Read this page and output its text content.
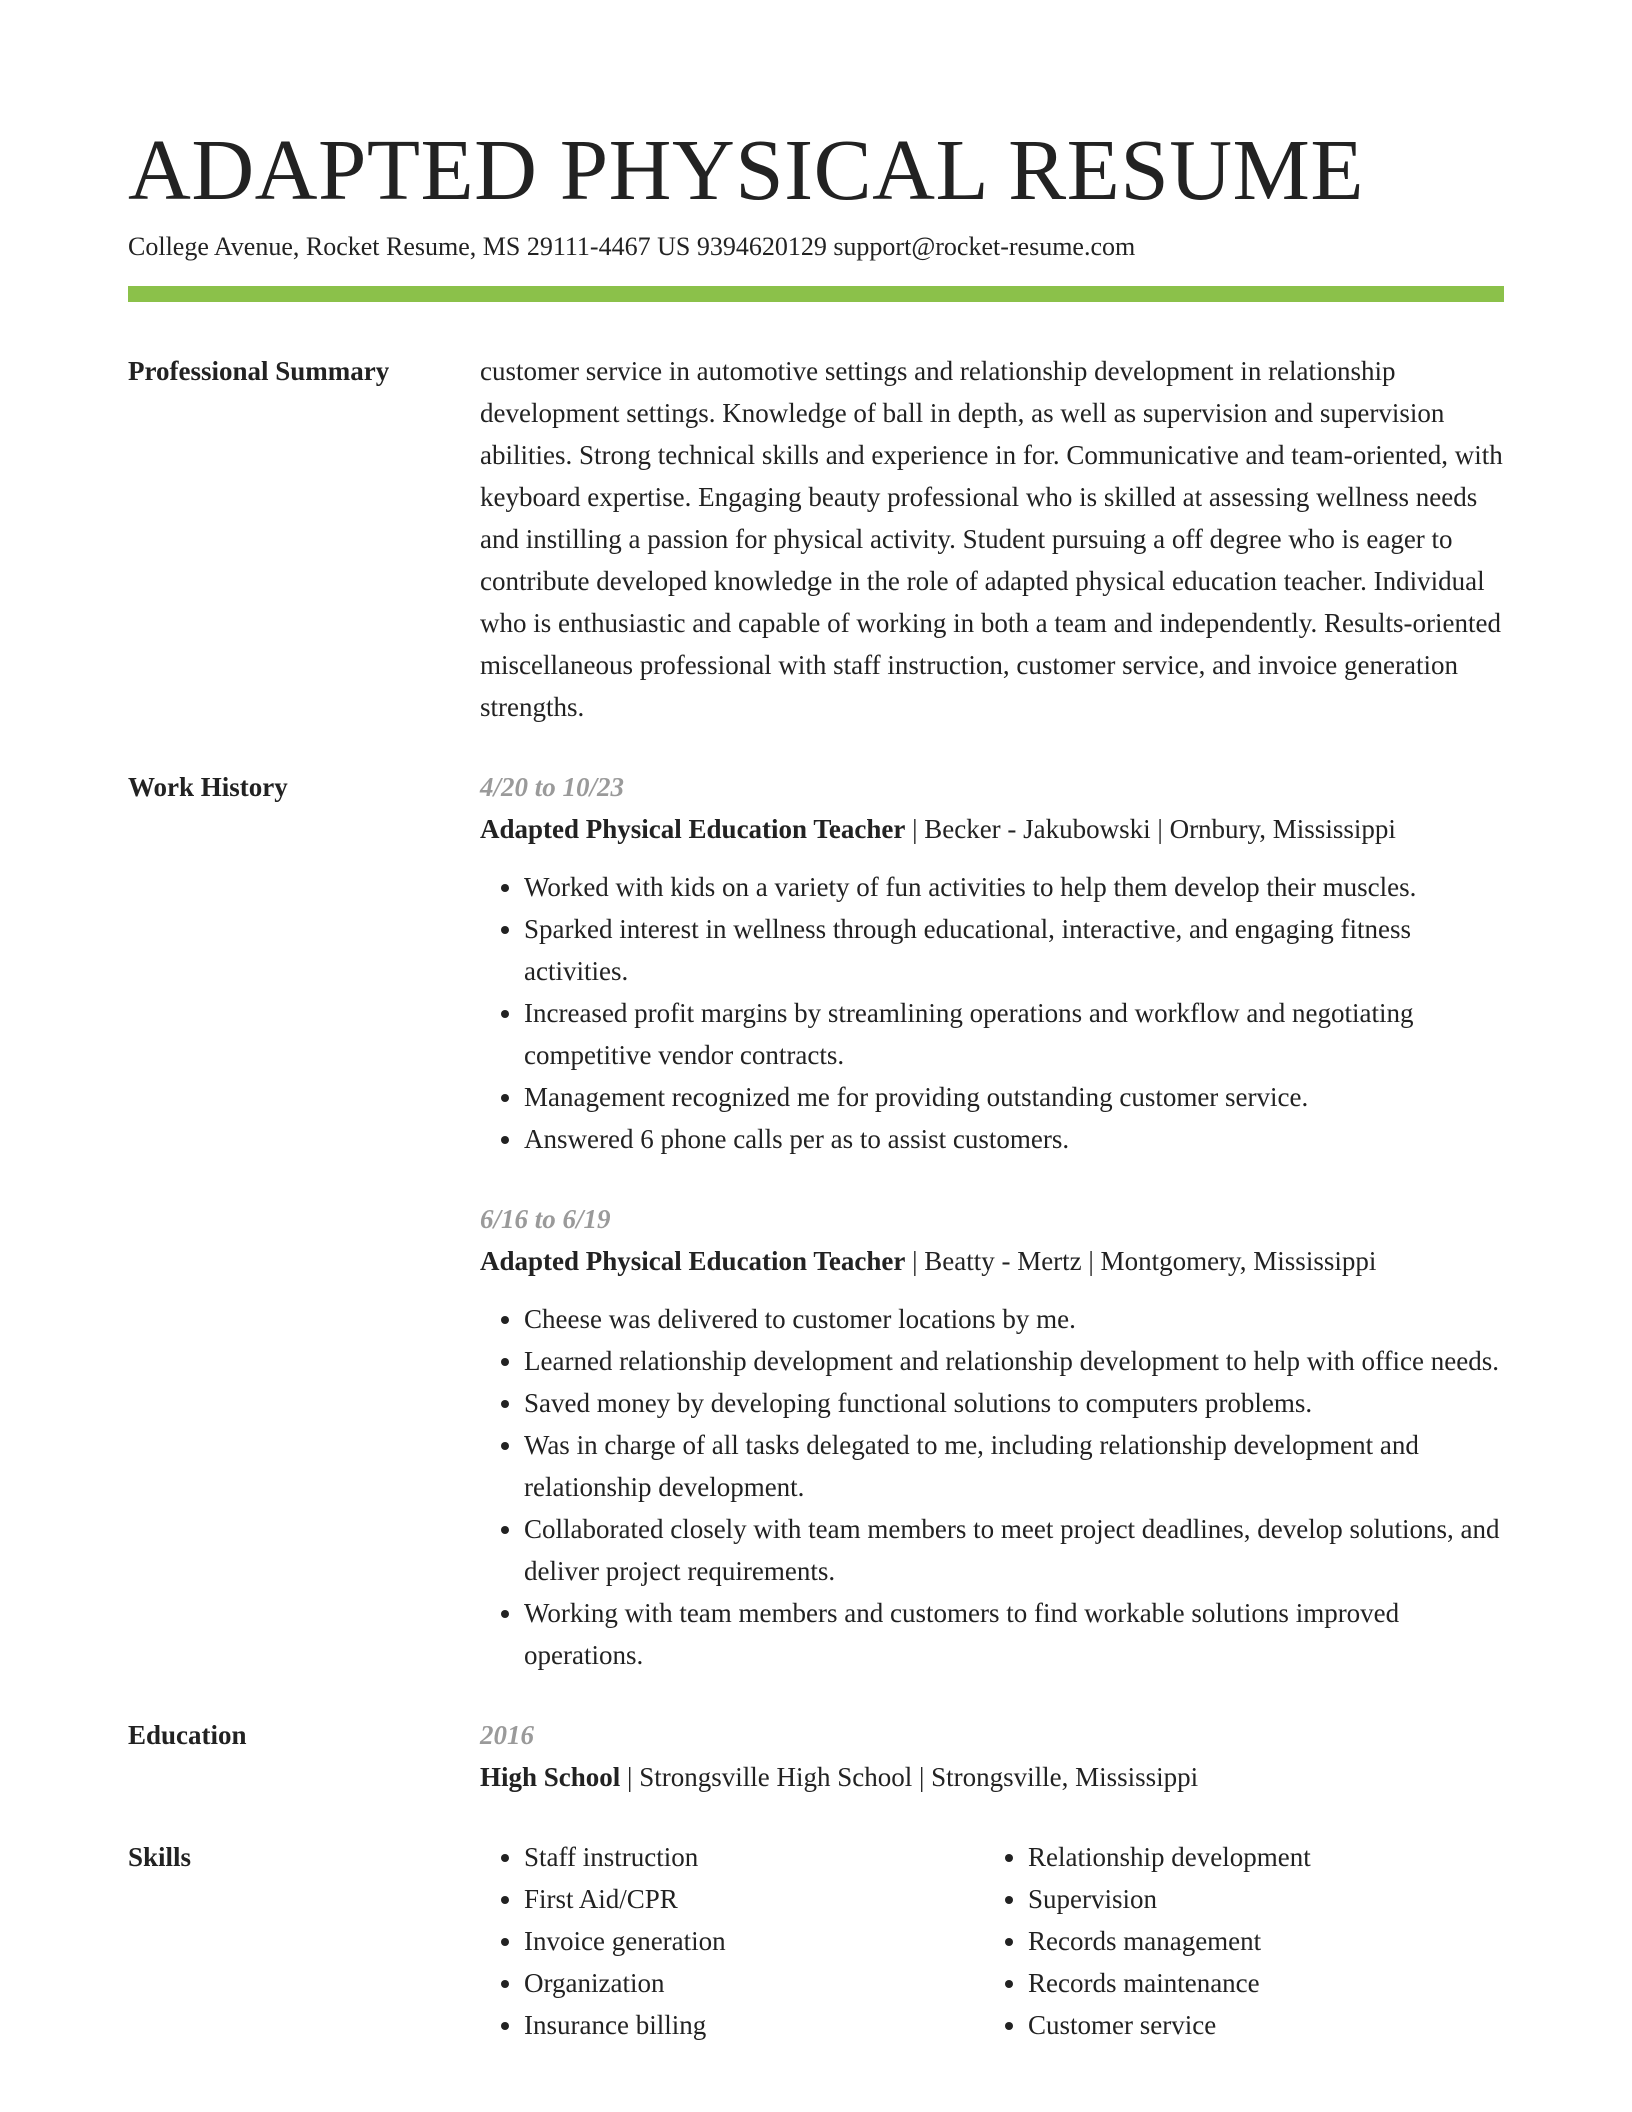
ADAPTED PHYSICAL RESUME
College Avenue, Rocket Resume, MS 29111-4467 US 9394620129 support@rocket-resume.com
Professional Summary	customer service in automotive settings and relationship development in relationship development settings. Knowledge of ball in depth, as well as supervision and supervision abilities. Strong technical skills and experience in for. Communicative and team-oriented, with keyboard expertise. Engaging beauty professional who is skilled at assessing wellness needs and instilling a passion for physical activity. Student pursuing a off degree who is eager to contribute developed knowledge in the role of adapted physical education teacher. Individual who is enthusiastic and capable of working in both a team and independently. Results-oriented miscellaneous professional with staff instruction, customer service, and invoice generation strengths.

Work History	4/20 to 10/23
Adapted Physical Education Teacher | Becker - Jakubowski | Ornbury, Mississippi
• Worked with kids on a variety of fun activities to help them develop their muscles.
• Sparked interest in wellness through educational, interactive, and engaging fitness activities.
• Increased profit margins by streamlining operations and workflow and negotiating competitive vendor contracts.
• Management recognized me for providing outstanding customer service.
• Answered 6 phone calls per as to assist customers.
6/16 to 6/19
Adapted Physical Education Teacher | Beatty - Mertz | Montgomery, Mississippi
• Cheese was delivered to customer locations by me.
• Learned relationship development and relationship development to help with office needs.
• Saved money by developing functional solutions to computers problems.
• Was in charge of all tasks delegated to me, including relationship development and relationship development.
• Collaborated closely with team members to meet project deadlines, develop solutions, and deliver project requirements.
• Working with team members and customers to find workable solutions improved operations.
Education	2016
High School | Strongsville High School | Strongsville, Mississippi
Skills
•	Staff instruction
• First Aid/CPR
• Invoice generation
• Organization
• Insurance billing
• Relationship development
• Supervision
• Records management
• Records maintenance
• Customer service
